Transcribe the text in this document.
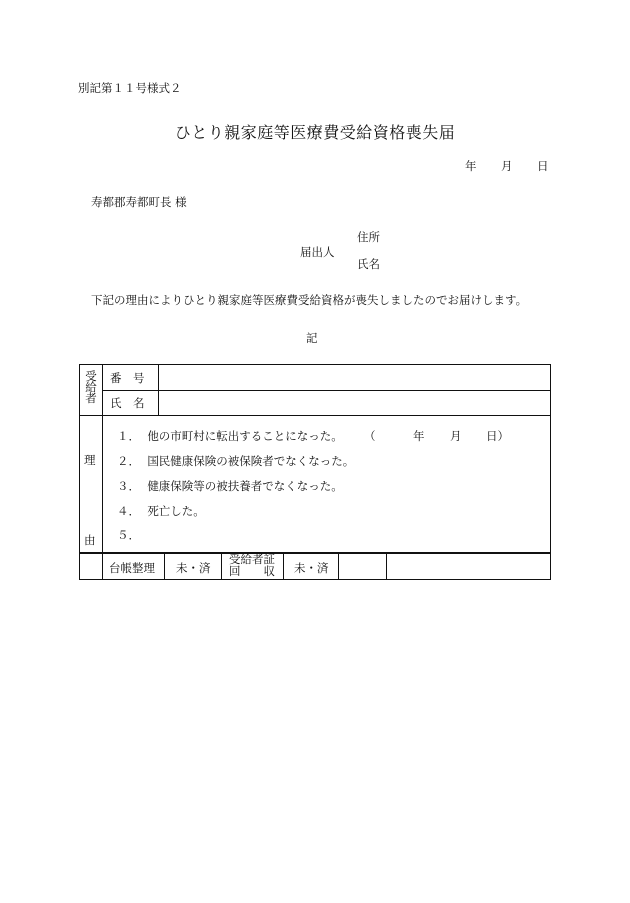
別記第１１号様式２
ひとり親家庭等医療費受給資格喪失届
年 月 日
寿都郡寿都町長 様
住所
届出人
氏名
下記の理由によりひとり親家庭等医療費受給資格が喪失しましたのでお届けします。
記
受
給
者
番　号
氏　名
理
由
１． 他の市町村に転出することになった。 （	年 月 日）
２． 国民健康保険の被保険者でなくなった。
３． 健康保険等の被扶養者でなくなった。
４． 死亡した。
５．
台帳整理 未・済
受給者証
回　　収 未・済
